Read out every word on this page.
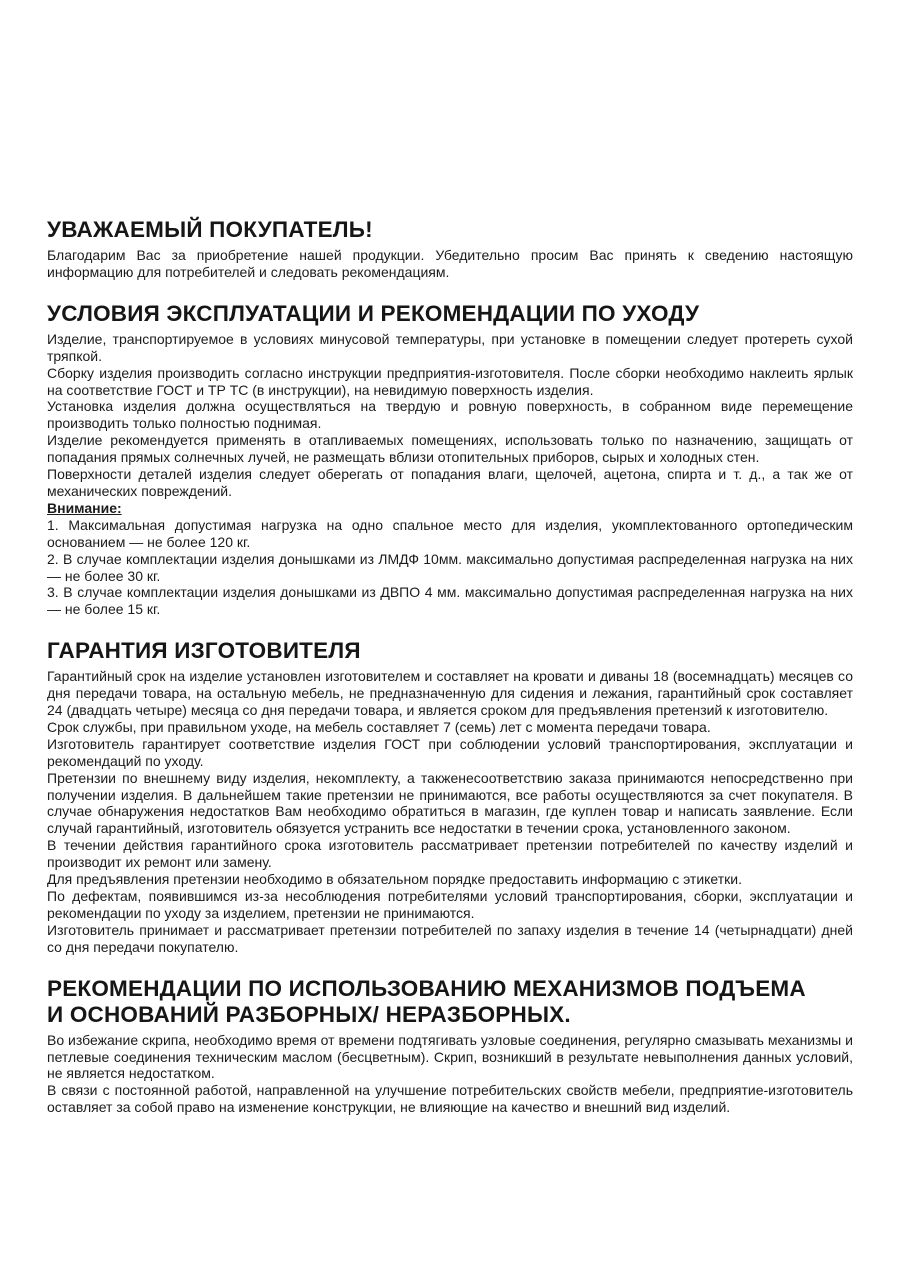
УВАЖАЕМЫЙ ПОКУПАТЕЛЬ!

Благодарим Вас за приобретение нашей продукции. Убедительно просим Вас принять к сведению настоящую информацию для потребителей и следовать рекомендациям.

УСЛОВИЯ ЭКСПЛУАТАЦИИ И РЕКОМЕНДАЦИИ ПО УХОДУ

Изделие, транспортируемое в условиях минусовой температуры, при установке в помещении следует протереть сухой тряпкой.

Сборку изделия производить согласно инструкции предприятия-изготовителя. После сборки необходимо наклеить ярлык на соответствие ГОСТ и ТР ТС (в инструкции), на невидимую поверхность изделия.

Установка изделия должна осуществляться на твердую и ровную поверхность, в собранном виде перемещение производить только полностью поднимая.

Изделие рекомендуется применять в отапливаемых помещениях, использовать только по назначению, защищать от попадания прямых солнечных лучей, не размещать вблизи отопительных приборов, сырых и холодных стен.

Поверхности деталей изделия следует оберегать от попадания влаги, щелочей, ацетона, спирта и т. д., а так же от механических повреждений.

Внимание:

1. Максимальная допустимая нагрузка на одно спальное место для изделия, укомплектованного ортопедическим основанием — не более 120 кг.

2. В случае комплектации изделия донышками из ЛМДФ 10мм. максимально допустимая распределенная нагрузка на них — не более 30 кг.

3. В случае комплектации изделия донышками из ДВПО 4 мм. максимально допустимая распределенная нагрузка на них — не более 15 кг.

ГАРАНТИЯ ИЗГОТОВИТЕЛЯ

Гарантийный срок на изделие установлен изготовителем и составляет на кровати и диваны 18 (восемнадцать) месяцев со дня передачи товара, на остальную мебель, не предназначенную для сидения и лежания, гарантийный срок составляет 24 (двадцать четыре) месяца со дня передачи товара, и является сроком для предъявления претензий к изготовителю.

Срок службы, при правильном уходе, на мебель составляет 7 (семь) лет с момента передачи товара.

Изготовитель гарантирует соответствие изделия ГОСТ при соблюдении условий транспортирования, эксплуатации и рекомендаций по уходу.

Претензии по внешнему виду изделия, некомплекту, а такженесоответствию заказа принимаются непосредственно при получении изделия. В дальнейшем такие претензии не принимаются, все работы осуществляются за счет покупателя. В случае обнаружения недостатков Вам необходимо обратиться в магазин, где куплен товар и написать заявление. Если случай гарантийный, изготовитель обязуется устранить все недостатки в течении срока, установленного законом.

В течении действия гарантийного срока изготовитель рассматривает претензии потребителей по качеству изделий и производит их ремонт или замену.

Для предъявления претензии необходимо в обязательном порядке предоставить информацию с этикетки.

По дефектам, появившимся из-за несоблюдения потребителями условий транспортирования, сборки, эксплуатации и рекомендации по уходу за изделием, претензии не принимаются.

Изготовитель принимает и рассматривает претензии потребителей по запаху изделия в течение 14 (четырнадцати) дней со дня передачи покупателю.

РЕКОМЕНДАЦИИ ПО ИСПОЛЬЗОВАНИЮ МЕХАНИЗМОВ ПОДЪЕМА
И ОСНОВАНИЙ РАЗБОРНЫХ/ НЕРАЗБОРНЫХ.

Во избежание скрипа, необходимо время от времени подтягивать узловые соединения, регулярно смазывать механизмы и петлевые соединения техническим маслом (бесцветным). Скрип, возникший в результате невыполнения данных условий, не является недостатком.

В связи с постоянной работой, направленной на улучшение потребительских свойств мебели, предприятие-изготовитель оставляет за собой право на изменение конструкции, не влияющие на качество и внешний вид изделий.
